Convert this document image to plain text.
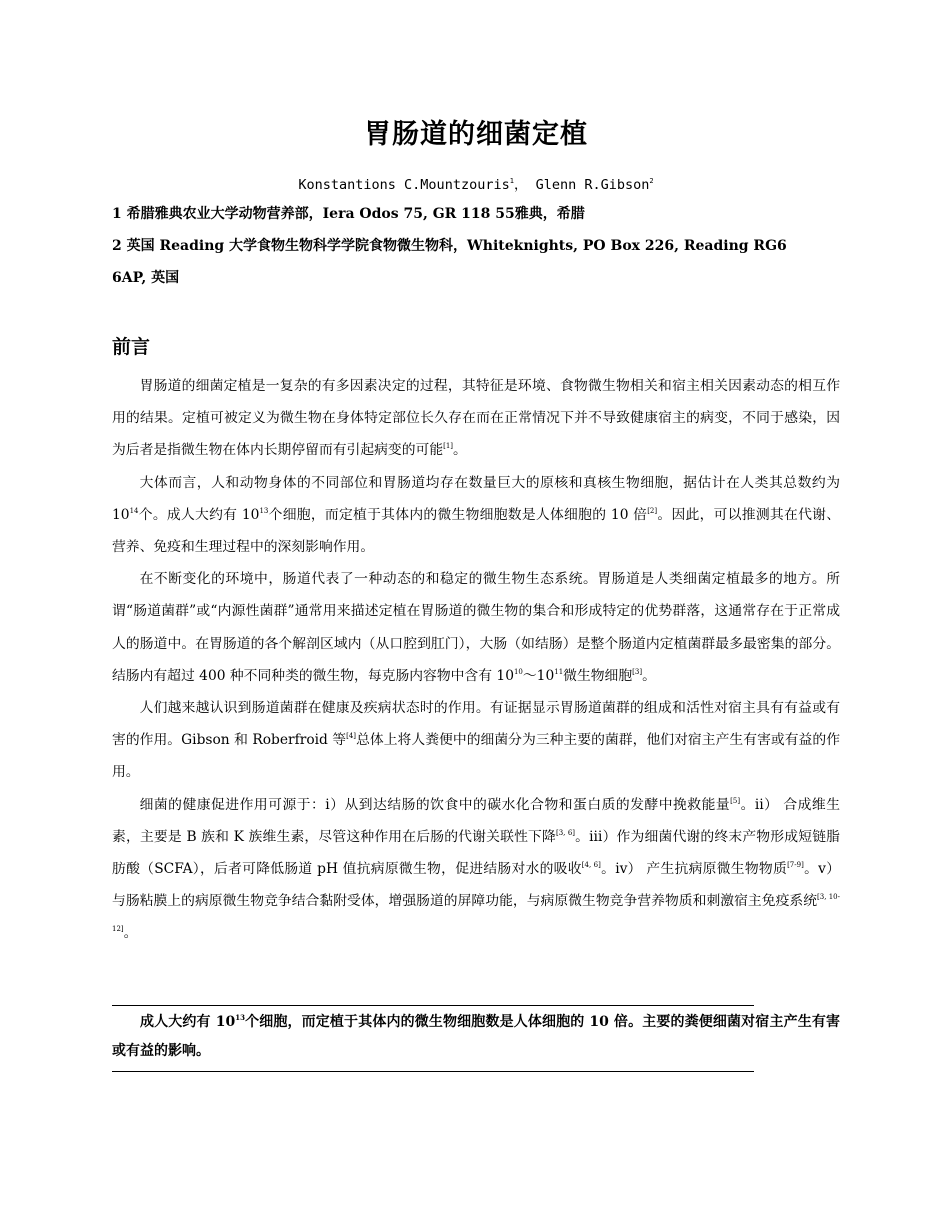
胃肠道的细菌定植
Konstantions C.Mountzouris$^1$， Glenn R.Gibson$^2$
1 希腊雅典农业大学动物营养部，Iera Odos 75, GR 118 55雅典，希腊
2 英国 Reading 大学食物生物科学学院食物微生物科，Whiteknights, PO Box 226, Reading RG6
6AP, 英国
前言

胃肠道的细菌定植是一复杂的有多因素决定的过程，其特征是环境、食物微生物相关和宿主相关因素动态的相互作用的结果。定植可被定义为微生物在身体特定部位长久存在而在正常情况下并不导致健康宿主的病变，不同于感染，因为后者是指微生物在体内长期停留而有引起病变的可能[1]。

大体而言，人和动物身体的不同部位和胃肠道均存在数量巨大的原核和真核生物细胞，据估计在人类其总数约为 $10^{14}$个。成人大约有 $10^{13}$个细胞，而定植于其体内的微生物细胞数是人体细胞的 10 倍[2]。因此，可以推测其在代谢、营养、免疫和生理过程中的深刻影响作用。

在不断变化的环境中，肠道代表了一种动态的和稳定的微生物生态系统。胃肠道是人类细菌定植最多的地方。所谓“肠道菌群”或“内源性菌群”通常用来描述定植在胃肠道的微生物的集合和形成特定的优势群落，这通常存在于正常成人的肠道中。在胃肠道的各个解剖区域内（从口腔到肛门），大肠（如结肠）是整个肠道内定植菌群最多最密集的部分。结肠内有超过 400 种不同种类的微生物，每克肠内容物中含有 $10^{10}\sim 10^{11}$微生物细胞[3]。

人们越来越认识到肠道菌群在健康及疾病状态时的作用。有证据显示胃肠道菌群的组成和活性对宿主具有有益或有害的作用。Gibson 和 Roberfroid 等[4]总体上将人粪便中的细菌分为三种主要的菌群，他们对宿主产生有害或有益的作用。

细菌的健康促进作用可源于：ⅰ）从到达结肠的饮食中的碳水化合物和蛋白质的发酵中挽救能量[5]。ⅱ） 合成维生素，主要是 B 族和 K 族维生素，尽管这种作用在后肠的代谢关联性下降[3, 6]。ⅲ）作为细菌代谢的终末产物形成短链脂肪酸（SCFA），后者可降低肠道 pH 值抗病原微生物，促进结肠对水的吸收[4, 6]。ⅳ） 产生抗病原微生物物质[7-9]。ⅴ） 与肠粘膜上的病原微生物竞争结合黏附受体，增强肠道的屏障功能，与病原微生物竞争营养物质和刺激宿主免疫系统[3, 10-12]。

成人大约有 $10^{13}$个细胞，而定植于其体内的微生物细胞数是人体细胞的 10 倍。主要的粪便细菌对宿主产生有害或有益的影响。
